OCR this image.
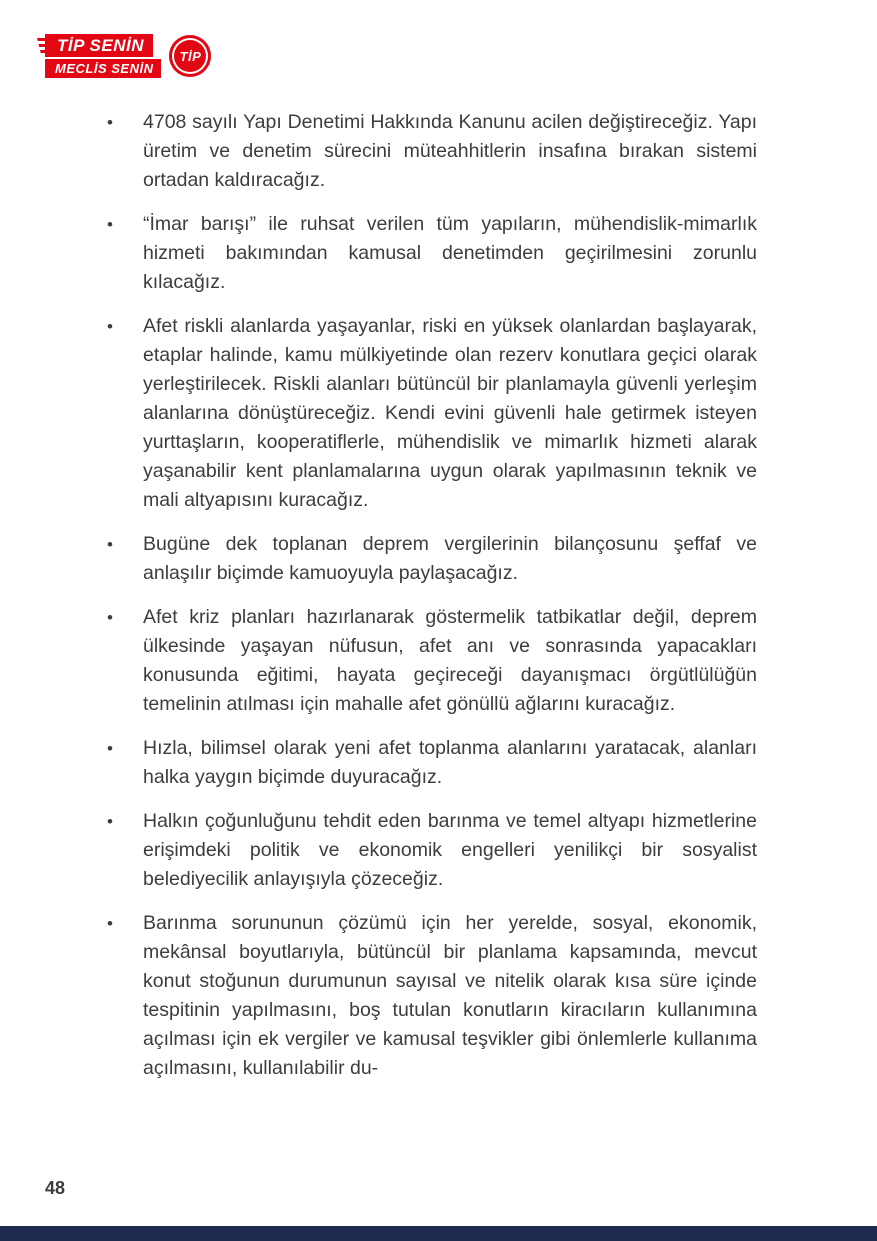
TİP SENİN
MECLİS SENİN
TİP
• 4708 sayılı Yapı Denetimi Hakkında Kanunu acilen değiştireceğiz. Yapı üretim ve denetim sürecini müteahhitlerin insafına bırakan sistemi ortadan kaldıracağız.
• “İmar barışı” ile ruhsat verilen tüm yapıların, mühendislik-mimarlık hizmeti bakımından kamusal denetimden geçirilmesini zorunlu kılacağız.
• Afet riskli alanlarda yaşayanlar, riski en yüksek olanlardan başlayarak, etaplar halinde, kamu mülkiyetinde olan rezerv konutlara geçici olarak yerleştirilecek. Riskli alanları bütüncül bir planlamayla güvenli yerleşim alanlarına dönüştüreceğiz. Kendi evini güvenli hale getirmek isteyen yurttaşların, kooperatiflerle, mühendislik ve mimarlık hizmeti alarak yaşanabilir kent planlamalarına uygun olarak yapılmasının teknik ve mali altyapısını kuracağız.
• Bugüne dek toplanan deprem vergilerinin bilançosunu şeffaf ve anlaşılır biçimde kamuoyuyla paylaşacağız.
• Afet kriz planları hazırlanarak göstermelik tatbikatlar değil, deprem ülkesinde yaşayan nüfusun, afet anı ve sonrasında yapacakları konusunda eğitimi, hayata geçireceği dayanışmacı örgütlülüğün temelinin atılması için mahalle afet gönüllü ağlarını kuracağız.
• Hızla, bilimsel olarak yeni afet toplanma alanlarını yaratacak, alanları halka yaygın biçimde duyuracağız.
• Halkın çoğunluğunu tehdit eden barınma ve temel altyapı hizmetlerine erişimdeki politik ve ekonomik engelleri yenilikçi bir sosyalist belediyecilik anlayışıyla çözeceğiz.
• Barınma sorununun çözümü için her yerelde, sosyal, ekonomik, mekânsal boyutlarıyla, bütüncül bir planlama kapsamında, mevcut konut stoğunun durumunun sayısal ve nitelik olarak kısa süre içinde tespitinin yapılmasını, boş tutulan konutların kiracıların kullanımına açılması için ek vergiler ve kamusal teşvikler gibi önlemlerle kullanıma açılmasını, kullanılabilir du-
48
